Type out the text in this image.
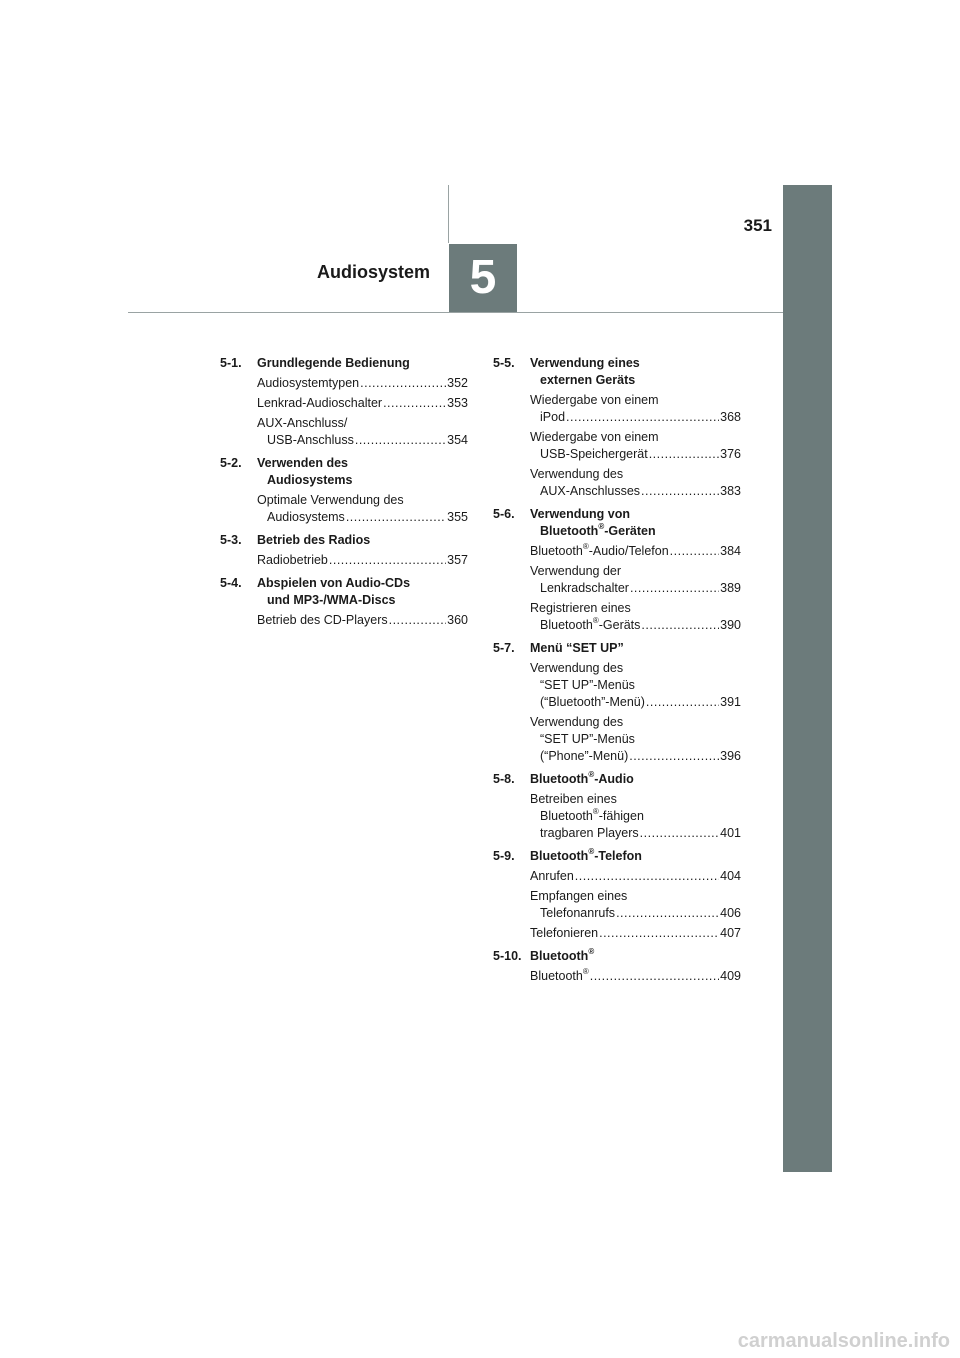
351
Audiosystem 5
5-1. Grundlegende Bedienung
Audiosystemtypen .....	352
Lenkrad-Audioschalter .....	353
AUX-Anschluss/
USB-Anschluss .....	354
5-2. Verwenden des
Audiosystems
Optimale Verwendung des
Audiosystems .....	355
5-3. Betrieb des Radios
Radiobetrieb .....	357
5-4. Abspielen von Audio-CDs
und MP3-/WMA-Discs
Betrieb des CD-Players .....	360
5-5. Verwendung eines
externen Geräts
Wiedergabe von einem
iPod .....	368
Wiedergabe von einem
USB-Speichergerät .....	376
Verwendung des
AUX-Anschlusses .....	383
5-6. Verwendung von
Bluetooth®-Geräten
Bluetooth®-Audio/Telefon .....	384
Verwendung der
Lenkradschalter .....	389
Registrieren eines
Bluetooth®-Geräts .....	390
5-7. Menü “SET UP”
Verwendung des
“SET UP”-Menüs
(“Bluetooth”-Menü) .....	391
Verwendung des
“SET UP”-Menüs
(“Phone”-Menü) .....	396
5-8. Bluetooth®-Audio
Betreiben eines
Bluetooth®-fähigen
tragbaren Players .....	401
5-9. Bluetooth®-Telefon
Anrufen .....	404
Empfangen eines
Telefonanrufs .....	406
Telefonieren .....	407
5-10. Bluetooth®
Bluetooth® .....	409
carmanualsonline.info
